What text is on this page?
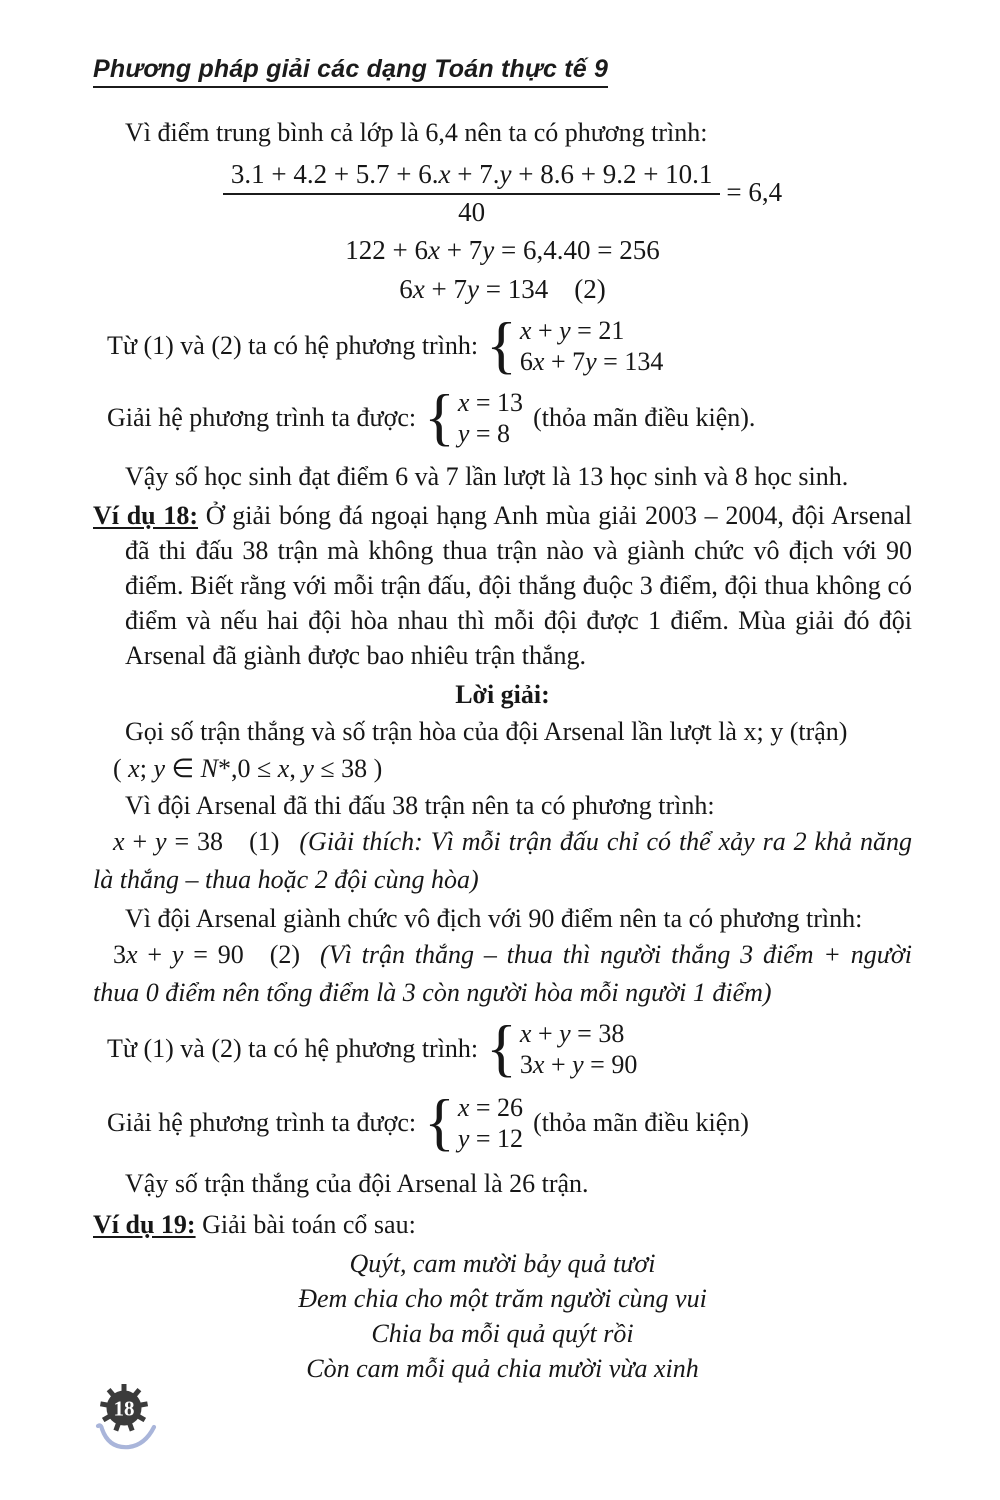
Phương pháp giải các dạng Toán thực tế 9
Vì điểm trung bình cả lớp là 6,4 nên ta có phương trình:
$\frac{3.1 + 4.2 + 5.7 + 6.x + 7.y + 8.6 + 9.2 + 10.1}{40} = 6,4$
122 + 6x + 7y = 6,4.40 = 256
6x + 7y = 134 (2)
Từ (1) và (2) ta có hệ phương trình: { x + y = 21
6x + 7y = 134
Giải hệ phương trình ta được: { x = 13
y = 8
(thỏa mãn điều kiện).
Vậy số học sinh đạt điểm 6 và 7 lần lượt là 13 học sinh và 8 học sinh.
Ví dụ 18: Ở giải bóng đá ngoại hạng Anh mùa giải 2003 – 2004, đội Arsenal đã thi đấu 38 trận mà không thua trận nào và giành chức vô địch với 90 điểm. Biết rằng với mỗi trận đấu, đội thắng đuộc 3 điểm, đội thua không có điểm và nếu hai đội hòa nhau thì mỗi đội được 1 điểm. Mùa giải đó đội Arsenal đã giành được bao nhiêu trận thắng.
Lời giải:
Gọi số trận thắng và số trận hòa của đội Arsenal lần lượt là x; y (trận)
( x; y ∈ N*,0 ≤ x, y ≤ 38 )
Vì đội Arsenal đã thi đấu 38 trận nên ta có phương trình:
x + y = 38 (1) (Giải thích: Vì mỗi trận đấu chỉ có thể xảy ra 2 khả năng là thắng – thua hoặc 2 đội cùng hòa)
Vì đội Arsenal giành chức vô địch với 90 điểm nên ta có phương trình:
3x + y = 90 (2) (Vì trận thắng – thua thì người thắng 3 điểm + người thua 0 điểm nên tổng điểm là 3 còn người hòa mỗi người 1 điểm)
Từ (1) và (2) ta có hệ phương trình: { x + y = 38
3x + y = 90
Giải hệ phương trình ta được: { x = 26
y = 12
(thỏa mãn điều kiện)
Vậy số trận thắng của đội Arsenal là 26 trận.
Ví dụ 19: Giải bài toán cổ sau:
Quýt, cam mười bảy quả tươi
Đem chia cho một trăm người cùng vui
Chia ba mỗi quả quýt rồi
Còn cam mỗi quả chia mười vừa xinh
18
